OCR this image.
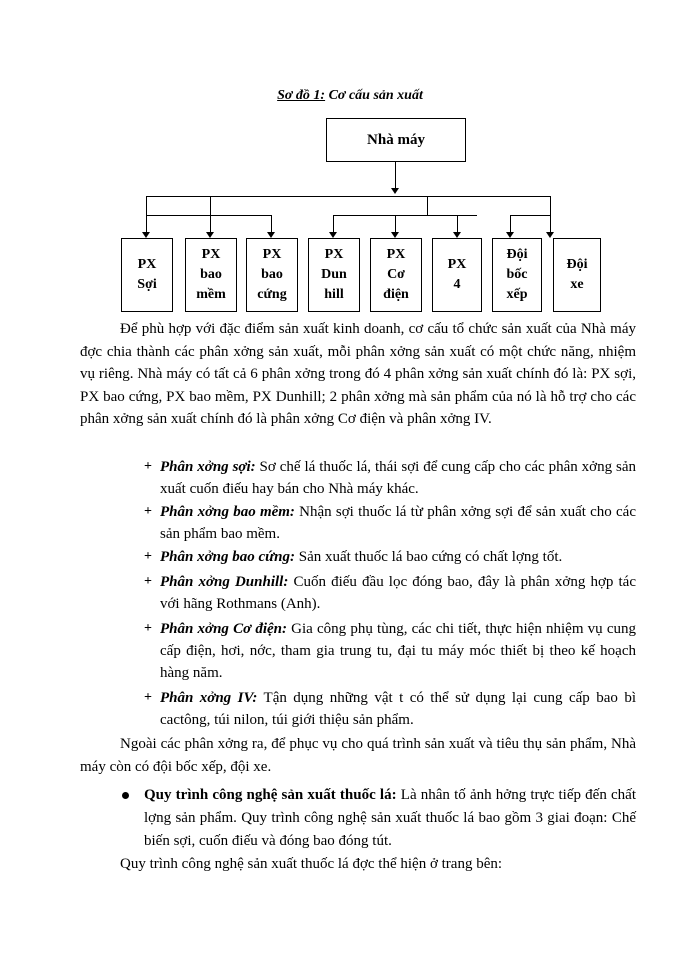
Sơ đồ 1: Cơ cấu sản xuất
Nhà máy
PX
Sợi
PX
bao
mềm
PX
bao
cứng
PX
Dun
hill
PX
Cơ
điện
PX
4
Đội
bốc
xếp
Đội
xe

Để phù hợp với đặc điểm sản xuất kinh doanh, cơ cấu tổ chức sản xuất của Nhà máy đợc chia thành các phân xởng sản xuất, mỗi phân xởng sản xuất có một chức năng, nhiệm vụ riêng. Nhà máy có tất cả 6 phân xởng trong đó 4 phân xởng sản xuất chính đó là: PX sợi, PX bao cứng, PX bao mềm, PX Dunhill; 2 phân xởng mà sản phẩm của nó là hỗ trợ cho các phân xởng sản xuất chính đó là phân xởng Cơ điện và phân xởng IV.

+ Phân xởng sợi: Sơ chế lá thuốc lá, thái sợi để cung cấp cho các phân xởng sản xuất cuốn điếu hay bán cho Nhà máy khác.

+ Phân xởng bao mềm: Nhận sợi thuốc lá từ phân xởng sợi để sản xuất cho các sản phẩm bao mềm.

+ Phân xởng bao cứng: Sản xuất thuốc lá bao cứng có chất lợng tốt.

+ Phân xởng Dunhill: Cuốn điếu đầu lọc đóng bao, đây là phân xởng hợp tác với hãng Rothmans (Anh).

+ Phân xởng Cơ điện: Gia công phụ tùng, các chi tiết, thực hiện nhiệm vụ cung cấp điện, hơi, nớc, tham gia trung tu, đại tu máy móc thiết bị theo kế hoạch hàng năm.

+ Phân xởng IV: Tận dụng những vật t có thể sử dụng lại cung cấp bao bì cactông, túi nilon, túi giới thiệu sản phẩm.

Ngoài các phân xởng ra, để phục vụ cho quá trình sản xuất và tiêu thụ sản phẩm, Nhà máy còn có đội bốc xếp, đội xe.

Quy trình công nghệ sản xuất thuốc lá: Là nhân tố ảnh hởng trực tiếp đến chất lợng sản phẩm. Quy trình công nghệ sản xuất thuốc lá bao gồm 3 giai đoạn: Chế biến sợi, cuốn điếu và đóng bao đóng tút.

Quy trình công nghệ sản xuất thuốc lá đợc thể hiện ở trang bên:
